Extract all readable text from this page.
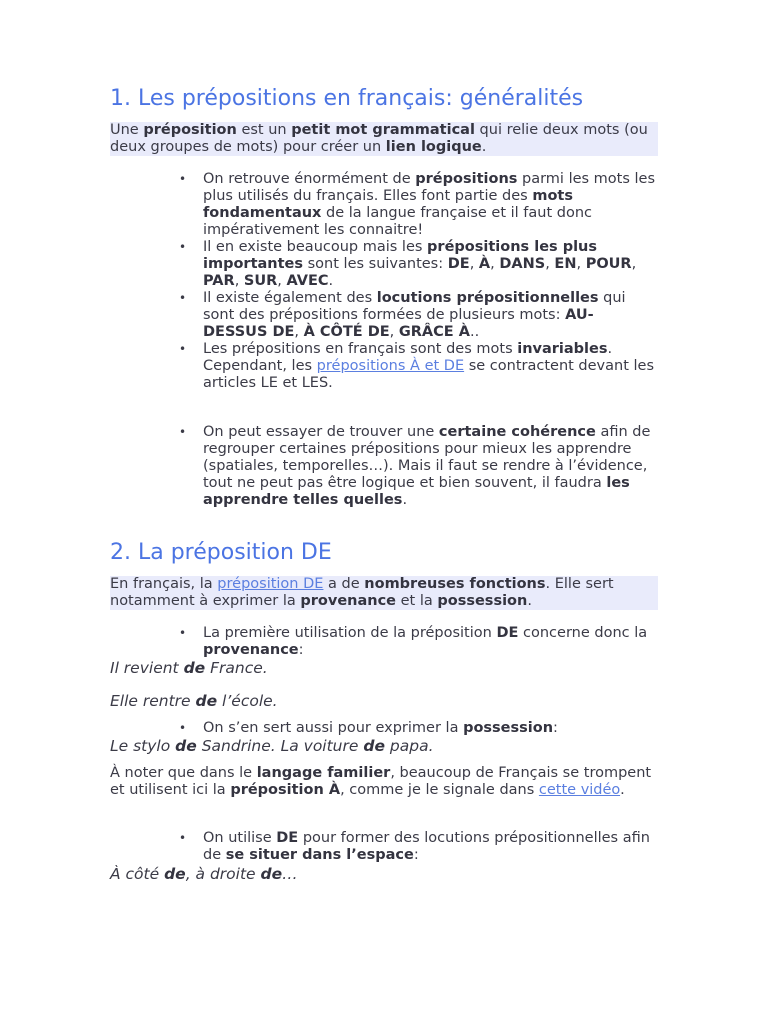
1. Les prépositions en français: généralités

Une préposition est un petit mot grammatical qui relie deux mots (ou deux groupes de mots) pour créer un lien logique.

• On retrouve énormément de prépositions parmi les mots les plus utilisés du français. Elles font partie des mots fondamentaux de la langue française et il faut donc impérativement les connaitre!
• Il en existe beaucoup mais les prépositions les plus importantes sont les suivantes: DE, À, DANS, EN, POUR, PAR, SUR, AVEC.
• Il existe également des locutions prépositionnelles qui sont des prépositions formées de plusieurs mots: AU-DESSUS DE, À CÔTÉ DE, GRÂCE À..
• Les prépositions en français sont des mots invariables. Cependant, les prépositions À et DE se contractent devant les articles LE et LES.
• On peut essayer de trouver une certaine cohérence afin de regrouper certaines prépositions pour mieux les apprendre (spatiales, temporelles…). Mais il faut se rendre à l’évidence, tout ne peut pas être logique et bien souvent, il faudra les apprendre telles quelles.
2. La préposition DE

En français, la préposition DE a de nombreuses fonctions. Elle sert notamment à exprimer la provenance et la possession.

• La première utilisation de la préposition DE concerne donc la provenance:

Il revient de France.

Elle rentre de l’école.

• On s’en sert aussi pour exprimer la possession:

Le stylo de Sandrine. La voiture de papa.

À noter que dans le langage familier, beaucoup de Français se trompent et utilisent ici la préposition À, comme je le signale dans cette vidéo.

• On utilise DE pour former des locutions prépositionnelles afin de se situer dans l’espace:

À côté de, à droite de…
